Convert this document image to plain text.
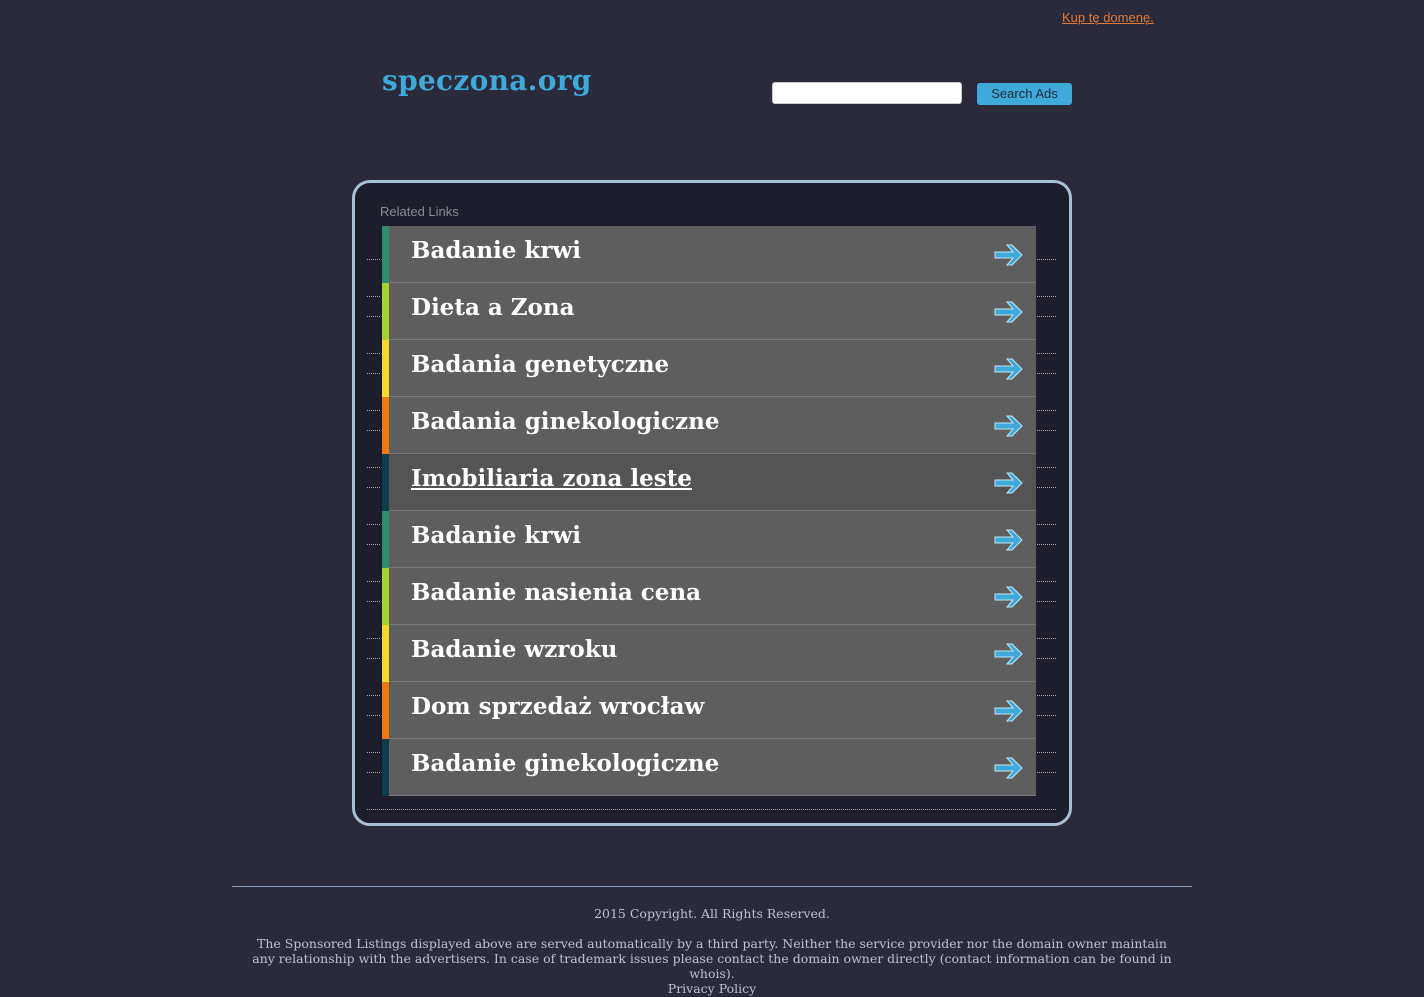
Kup tę domenę.
speczona.org	Search Ads
Related Links
Badanie krwi
Dieta a Zona
Badania genetyczne
Badania ginekologiczne
Imobiliaria zona leste
Badanie krwi
Badanie nasienia cena
Badanie wzroku
Dom sprzedaż wrocław
Badanie ginekologiczne
2015 Copyright. All Rights Reserved.
The Sponsored Listings displayed above are served automatically by a third party. Neither the service provider nor the domain owner maintain any relationship with the advertisers. In case of trademark issues please contact the domain owner directly (contact information can be found in whois).
Privacy Policy
